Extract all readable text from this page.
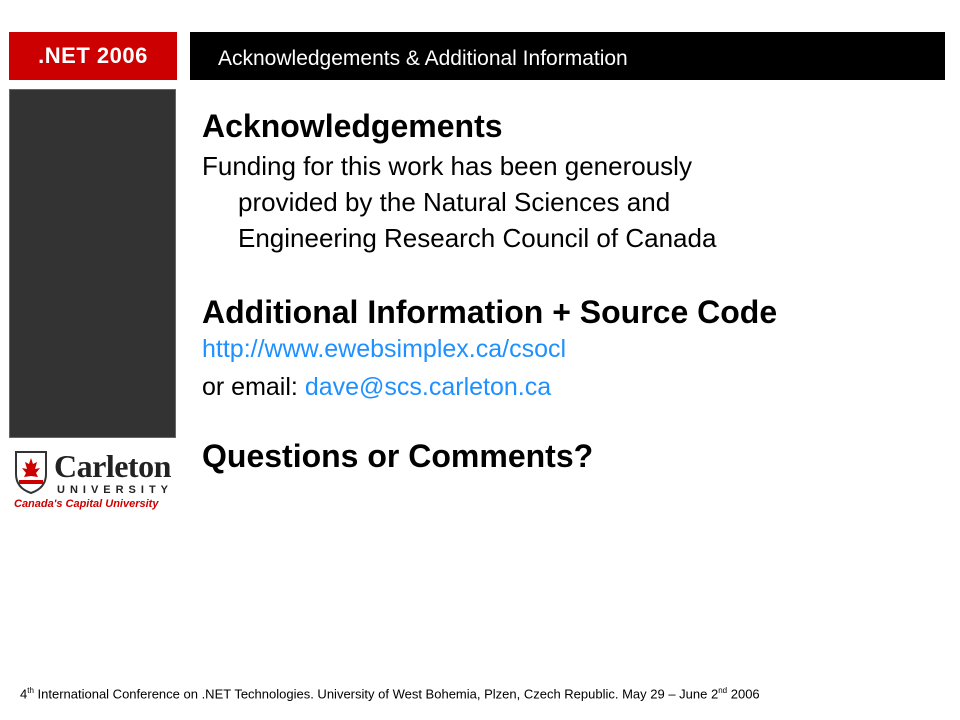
.NET 2006	Acknowledgements & Additional Information
Carleton
UNIVERSITY
Canada's Capital University
Acknowledgements
Funding for this work has been generously
provided by the Natural Sciences and
Engineering Research Council of Canada
Additional Information + Source Code
http://www.ewebsimplex.ca/csocl
or email: dave@scs.carleton.ca
Questions or Comments?
4th International Conference on .NET Technologies. University of West Bohemia, Plzen, Czech Republic. May 29 – June 2nd 2006
